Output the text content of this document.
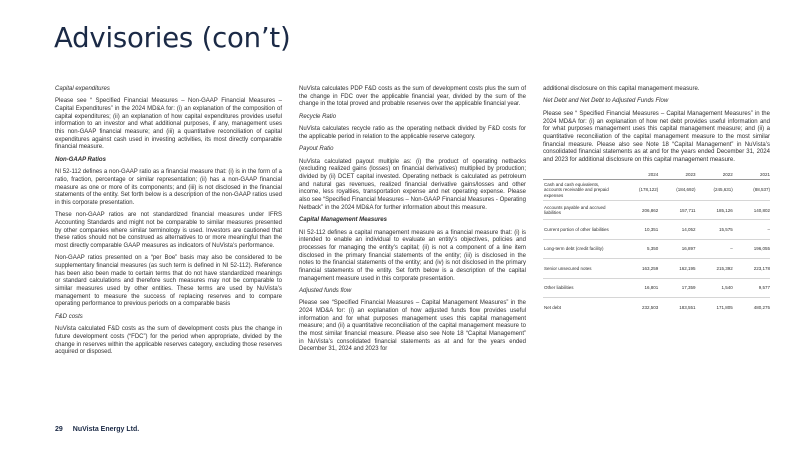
Advisories (con’t)

Capital expenditures

Please see “ Specified Financial Measures – Non-GAAP Financial Measures – Capital Expenditures” in the 2024 MD&A for: (i) an explanation of the composition of capital expenditures; (ii) an explanation of how capital expenditures provides useful information to an investor and what additional purposes, if any, management uses this non-GAAP financial measure; and (iii) a quantitative reconciliation of capital expenditures against cash used in investing activities, its most directly comparable financial measure.

Non-GAAP Ratios

NI 52-112 defines a non-GAAP ratio as a financial measure that: (i) is in the form of a ratio, fraction, percentage or similar representation; (ii) has a non-GAAP financial measure as one or more of its components; and (iii) is not disclosed in the financial statements of the entity. Set forth below is a description of the non-GAAP ratios used in this corporate presentation.

These non-GAAP ratios are not standardized financial measures under IFRS Accounting Standards and might not be comparable to similar measures presented by other companies where similar terminology is used. Investors are cautioned that these ratios should not be construed as alternatives to or more meaningful than the most directly comparable GAAP measures as indicators of NuVista’s performance.

Non-GAAP ratios presented on a “per Boe” basis may also be considered to be supplementary financial measures (as such term is defined in NI 52-112). Reference has been also been made to certain terms that do not have standardized meanings or standard calculations and therefore such measures may not be comparable to similar measures used by other entities. These terms are used by NuVista’s management to measure the success of replacing reserves and to compare operating performance to previous periods on a comparable basis

F&D costs

NuVista calculated F&D costs as the sum of development costs plus the change in future development costs (“FDC”) for the period when appropriate, divided by the change in reserves within the applicable reserves category, excluding those reserves acquired or disposed.

NuVista calculates PDP F&D costs as the sum of development costs plus the sum of the change in FDC over the applicable financial year, divided by the sum of the change in the total proved and probable reserves over the applicable financial year.

Recycle Ratio

NuVista calculates recycle ratio as the operating netback divided by F&D costs for the applicable period in relation to the applicable reserve category.

Payout Ratio

NuVista calculated payout multiple as: (i) the product of operating netbacks (excluding realized gains (losses) on financial derivatives) multiplied by production; divided by (ii) DCET capital invested. Operating netback is calculated as petroleum and natural gas revenues, realized financial derivative gains/losses and other income, less royalties, transportation expense and net operating expense. Please also see “Specified Financial Measures – Non-GAAP Financial Measures - Operating Netback” in the 2024 MD&A for further information about this measure.

Capital Management Measures

NI 52-112 defines a capital management measure as a financial measure that: (i) is intended to enable an individual to evaluate an entity’s objectives, policies and processes for managing the entity’s capital; (ii) is not a component of a line item disclosed in the primary financial statements of the entity; (iii) is disclosed in the notes to the financial statements of the entity; and (iv) is not disclosed in the primary financial statements of the entity. Set forth below is a description of the capital management measure used in this corporate presentation.

Adjusted funds flow

Please see “Specified Financial Measures – Capital Management Measures” in the 2024 MD&A for: (i) an explanation of how adjusted funds flow provides useful information and for what purposes management uses this capital management measure; and (ii) a quantitative reconciliation of the capital management measure to the most similar financial measure. Please also see Note 18 “Capital Management” in NuVista’s consolidated financial statements as at and for the years ended December 31, 2024 and 2023 for

additional disclosure on this capital management measure.

Net Debt and Net Debt to Adjusted Funds Flow

Please see “ Specified Financial Measures – Capital Management Measures” in the 2024 MD&A for: (i) an explanation of how net debt provides useful information and for what purposes management uses this capital management measure; and (ii) a quantitative reconciliation of the capital management measure to the most similar financial measure. Please also see Note 18 “Capital Management” in NuVista’s consolidated financial statements as at and for the years ended December 31, 2024 and 2023 for additional disclosure on this capital management measure.

	2024	2023	2022	2021
Cash and cash equivalents, accounts receivable and prepaid expenses	(178,122)	(184,692)	(245,631)	(88,537)
Accounts payable and accrued liabilities	206,862	157,711	185,126	140,802
Current portion of other liabilities	10,351	14,052	15,575	–
Long-term debt (credit facility)	5,350	16,897	–	196,055
Senior unsecured notes	163,259	162,195	215,392	223,178
Other liabilities	16,801	17,359	1,540	9,577
Net debt	232,503	183,551	171,805	480,275
29 NuVista Energy Ltd.
